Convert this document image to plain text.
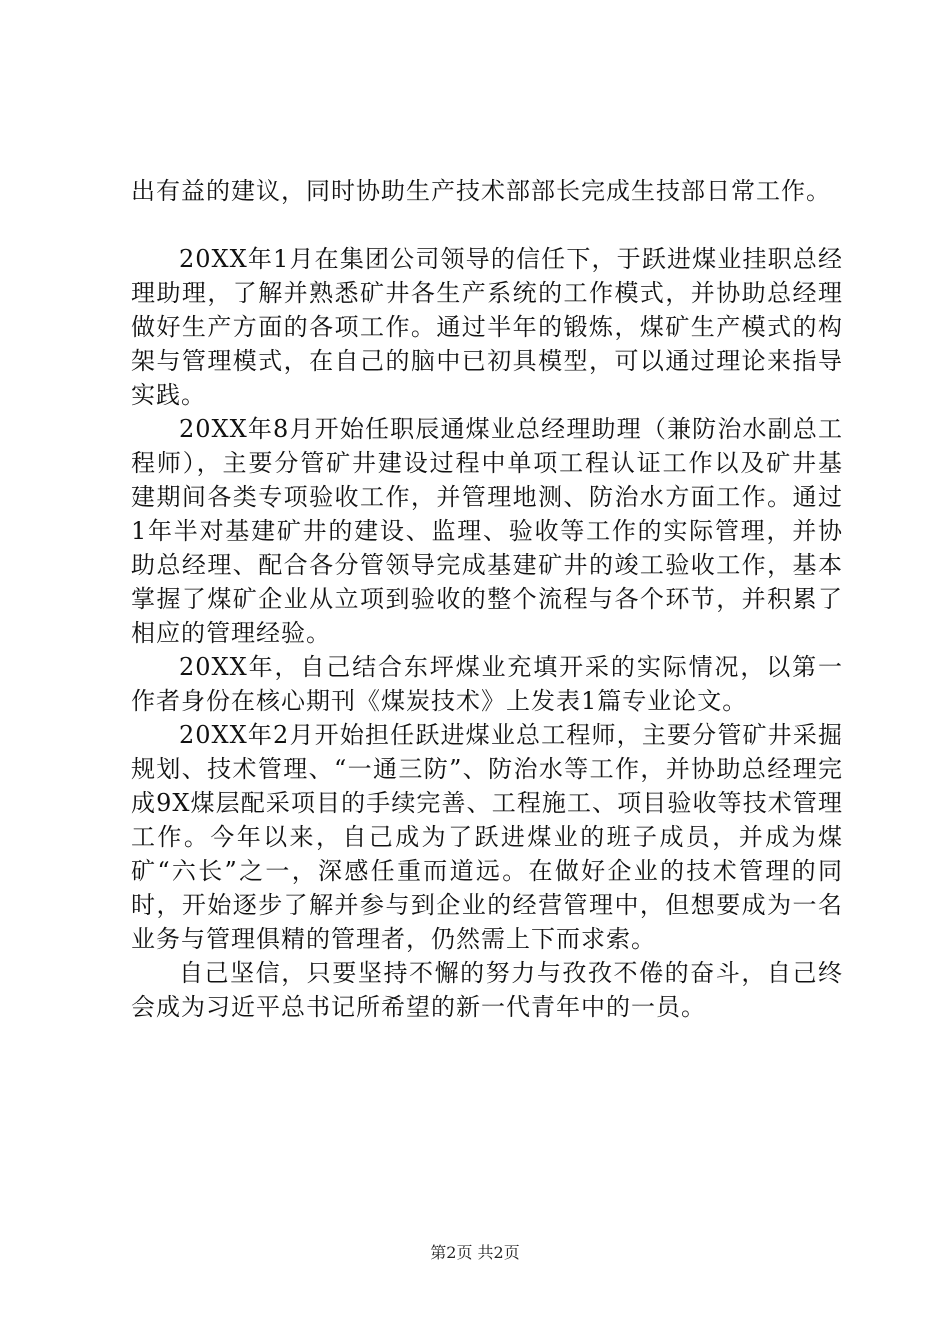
出有益的建议，同时协助生产技术部部长完成生技部日常工作。

20XX年1月在集团公司领导的信任下，于跃进煤业挂职总经理助理，了解并熟悉矿井各生产系统的工作模式，并协助总经理做好生产方面的各项工作。通过半年的锻炼，煤矿生产模式的构架与管理模式，在自己的脑中已初具模型，可以通过理论来指导实践。

20XX年8月开始任职辰通煤业总经理助理（兼防治水副总工程师），主要分管矿井建设过程中单项工程认证工作以及矿井基建期间各类专项验收工作，并管理地测、防治水方面工作。通过1年半对基建矿井的建设、监理、验收等工作的实际管理，并协助总经理、配合各分管领导完成基建矿井的竣工验收工作，基本掌握了煤矿企业从立项到验收的整个流程与各个环节，并积累了相应的管理经验。

20XX年，自己结合东坪煤业充填开采的实际情况，以第一作者身份在核心期刊《煤炭技术》上发表1篇专业论文。

20XX年2月开始担任跃进煤业总工程师，主要分管矿井采掘规划、技术管理、“一通三防”、防治水等工作，并协助总经理完成9X煤层配采项目的手续完善、工程施工、项目验收等技术管理工作。今年以来，自己成为了跃进煤业的班子成员，并成为煤矿“六长”之一，深感任重而道远。在做好企业的技术管理的同时，开始逐步了解并参与到企业的经营管理中，但想要成为一名业务与管理俱精的管理者，仍然需上下而求索。

自己坚信，只要坚持不懈的努力与孜孜不倦的奋斗，自己终会成为习近平总书记所希望的新一代青年中的一员。

第2页 共2页
